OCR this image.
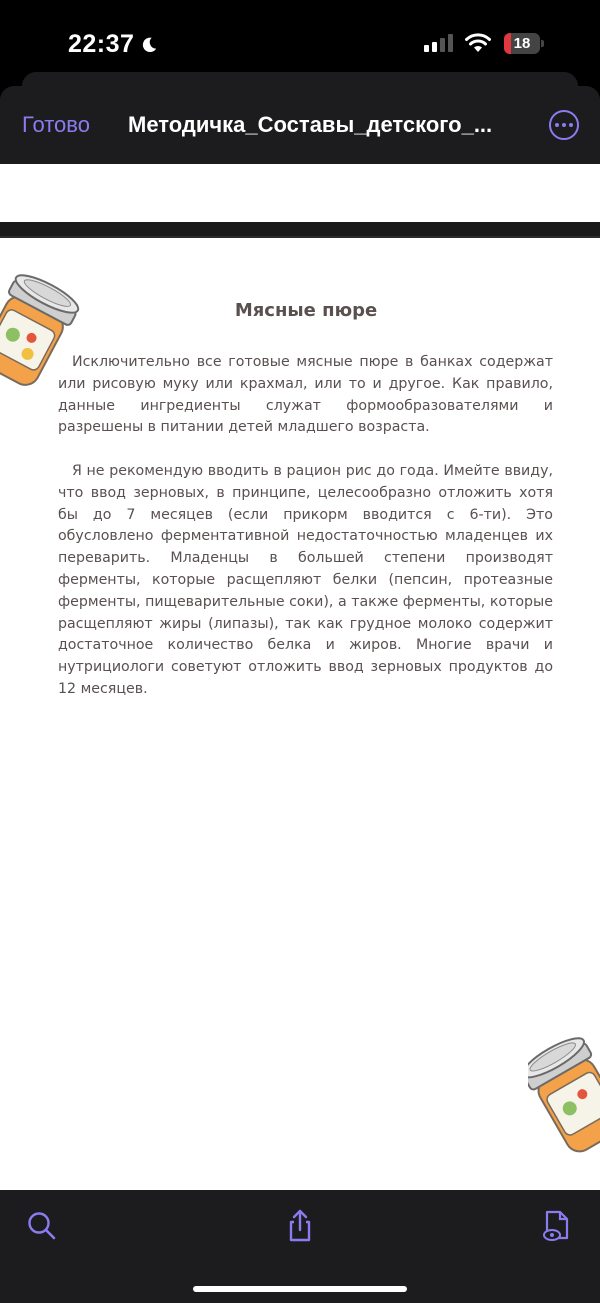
22:37	18
Готово Методичка_Составы_детского_...
Мясные пюре

Исключительно все готовые мясные пюре в банках содержат или рисовую муку или крахмал, или то и другое. Как правило, данные ингредиенты служат формообразователями и разрешены в питании детей младшего возраста.

Я не рекомендую вводить в рацион рис до года. Имейте ввиду, что ввод зерновых, в принципе, целесообразно отложить хотя бы до 7 месяцев (если прикорм вводится с 6-ти). Это обусловлено ферментативной недостаточностью младенцев их переварить. Младенцы в большей степени производят ферменты, которые расщепляют белки (пепсин, протеазные ферменты, пищеварительные соки), а также ферменты, которые расщепляют жиры (липазы), так как грудное молоко содержит достаточное количество белка и жиров. Многие врачи и нутрициологи советуют отложить ввод зерновых продуктов до 12 месяцев.
